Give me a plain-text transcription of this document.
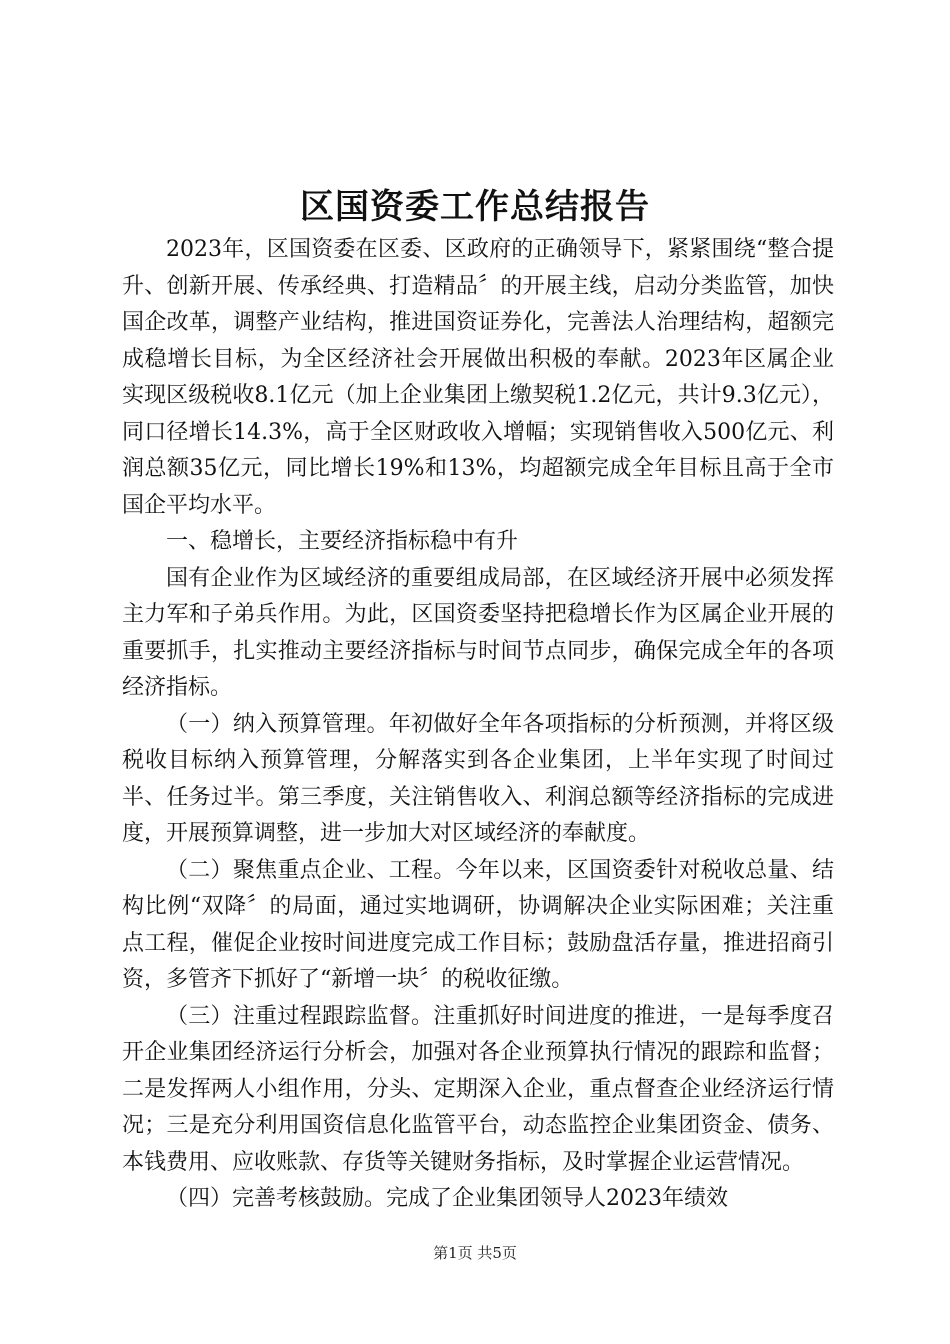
区国资委工作总结报告

2023年，区国资委在区委、区政府的正确领导下，紧紧围绕“整合提升、创新开展、传承经典、打造精品〞的开展主线，启动分类监管，加快国企改革，调整产业结构，推进国资证券化，完善法人治理结构，超额完成稳增长目标，为全区经济社会开展做出积极的奉献。2023年区属企业实现区级税收8.1亿元（加上企业集团上缴契税1.2亿元，共计9.3亿元），同口径增长14.3%，高于全区财政收入增幅；实现销售收入500亿元、利润总额35亿元，同比增长19%和13%，均超额完成全年目标且高于全市国企平均水平。

一、稳增长，主要经济指标稳中有升

国有企业作为区域经济的重要组成局部，在区域经济开展中必须发挥主力军和子弟兵作用。为此，区国资委坚持把稳增长作为区属企业开展的重要抓手，扎实推动主要经济指标与时间节点同步，确保完成全年的各项经济指标。

（一）纳入预算管理。年初做好全年各项指标的分析预测，并将区级税收目标纳入预算管理，分解落实到各企业集团，上半年实现了时间过半、任务过半。第三季度，关注销售收入、利润总额等经济指标的完成进度，开展预算调整，进一步加大对区域经济的奉献度。

（二）聚焦重点企业、工程。今年以来，区国资委针对税收总量、结构比例“双降〞的局面，通过实地调研，协调解决企业实际困难；关注重点工程，催促企业按时间进度完成工作目标；鼓励盘活存量，推进招商引资，多管齐下抓好了“新增一块〞的税收征缴。

（三）注重过程跟踪监督。注重抓好时间进度的推进，一是每季度召开企业集团经济运行分析会，加强对各企业预算执行情况的跟踪和监督；二是发挥两人小组作用，分头、定期深入企业，重点督查企业经济运行情况；三是充分利用国资信息化监管平台，动态监控企业集团资金、债务、本钱费用、应收账款、存货等关键财务指标，及时掌握企业运营情况。

（四）完善考核鼓励。完成了企业集团领导人2023年绩效

第1页 共5页
